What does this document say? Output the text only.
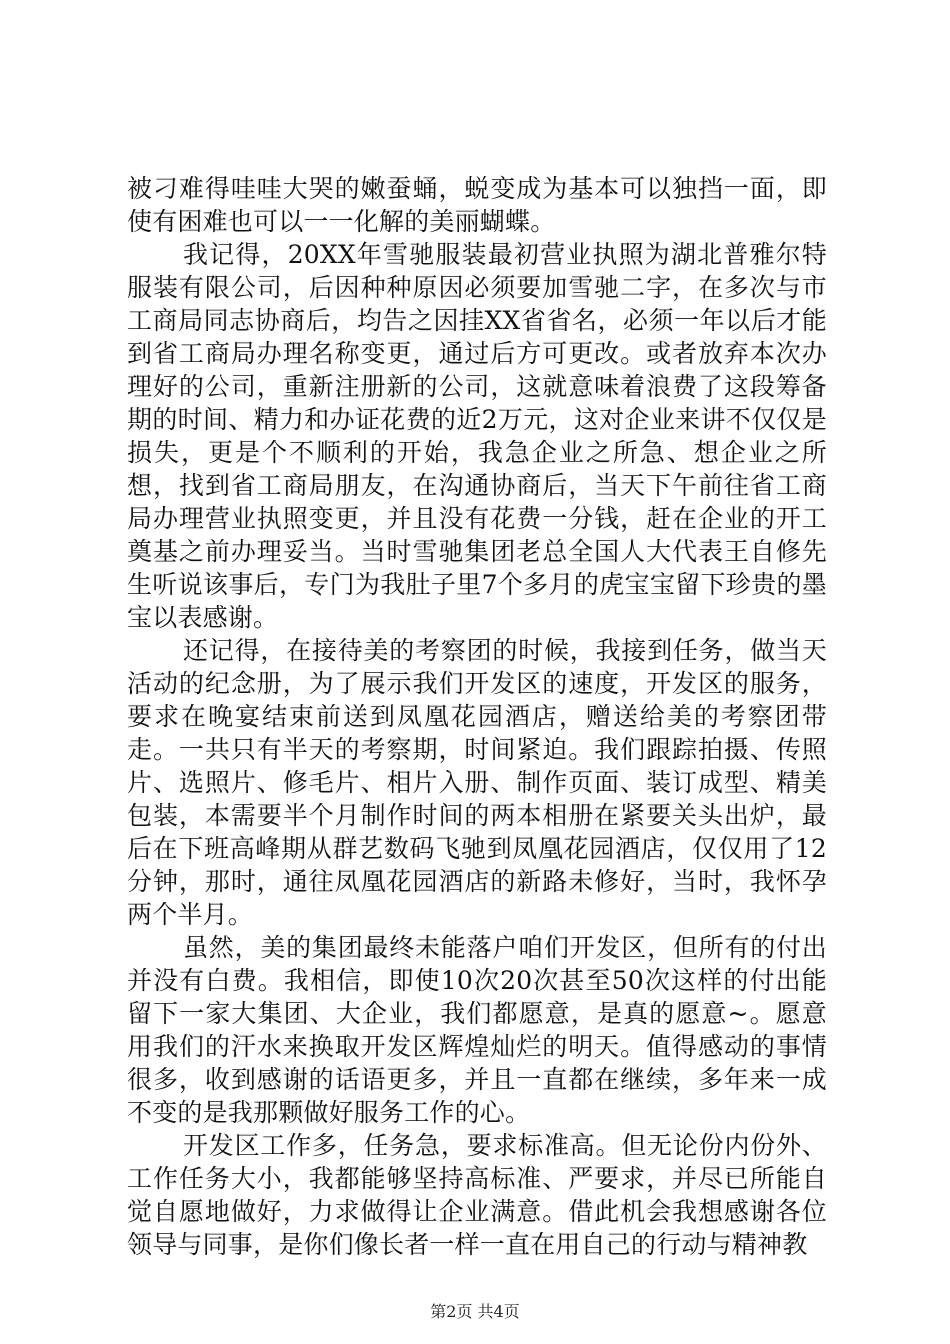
被刁难得哇哇大哭的嫩蚕蛹，蜕变成为基本可以独挡一面，即使有困难也可以一一化解的美丽蝴蝶。

我记得，20XX年雪驰服装最初营业执照为湖北普雅尔特服装有限公司，后因种种原因必须要加雪驰二字，在多次与市工商局同志协商后，均告之因挂XX省省名，必须一年以后才能到省工商局办理名称变更，通过后方可更改。或者放弃本次办理好的公司，重新注册新的公司，这就意味着浪费了这段筹备期的时间、精力和办证花费的近2万元，这对企业来讲不仅仅是损失，更是个不顺利的开始，我急企业之所急、想企业之所想，找到省工商局朋友，在沟通协商后，当天下午前往省工商局办理营业执照变更，并且没有花费一分钱，赶在企业的开工奠基之前办理妥当。当时雪驰集团老总全国人大代表王自修先生听说该事后，专门为我肚子里7个多月的虎宝宝留下珍贵的墨宝以表感谢。

还记得，在接待美的考察团的时候，我接到任务，做当天活动的纪念册，为了展示我们开发区的速度，开发区的服务，要求在晚宴结束前送到凤凰花园酒店，赠送给美的考察团带走。一共只有半天的考察期，时间紧迫。我们跟踪拍摄、传照片、选照片、修毛片、相片入册、制作页面、装订成型、精美包装，本需要半个月制作时间的两本相册在紧要关头出炉，最后在下班高峰期从群艺数码飞驰到凤凰花园酒店，仅仅用了12分钟，那时，通往凤凰花园酒店的新路未修好，当时，我怀孕两个半月。

虽然，美的集团最终未能落户咱们开发区，但所有的付出并没有白费。我相信，即使10次20次甚至50次这样的付出能留下一家大集团、大企业，我们都愿意，是真的愿意~。愿意用我们的汗水来换取开发区辉煌灿烂的明天。值得感动的事情很多，收到感谢的话语更多，并且一直都在继续，多年来一成不变的是我那颗做好服务工作的心。

开发区工作多，任务急，要求标准高。但无论份内份外、工作任务大小，我都能够坚持高标准、严要求，并尽已所能自觉自愿地做好，力求做得让企业满意。借此机会我想感谢各位领导与同事，是你们像长者一样一直在用自己的行动与精神教

第2页 共4页
